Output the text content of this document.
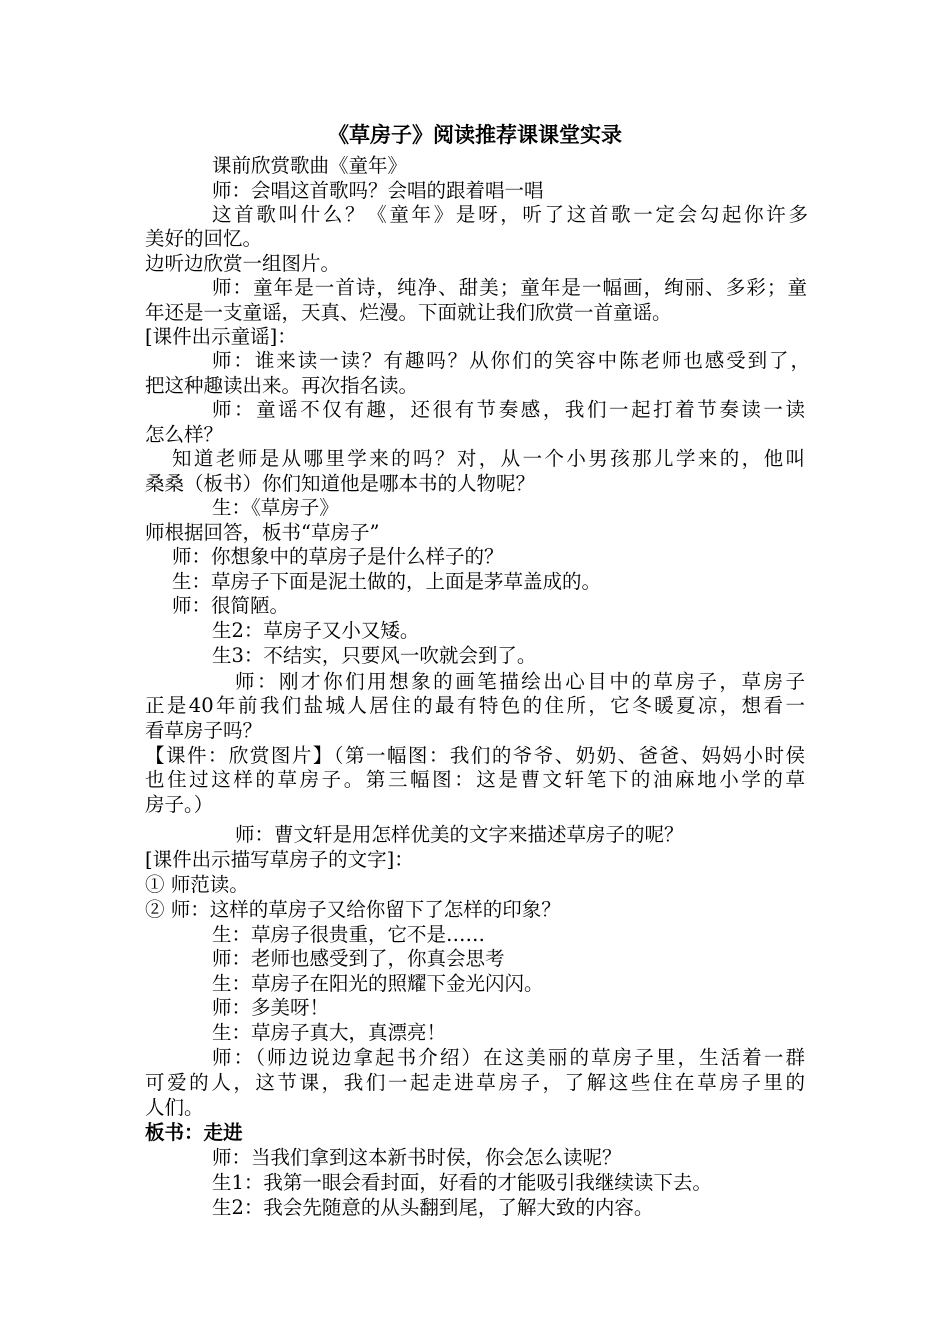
《草房子》阅读推荐课课堂实录
课前欣赏歌曲《童年》
师：会唱这首歌吗？会唱的跟着唱一唱
这首歌叫什么？《童年》是呀，听了这首歌一定会勾起你许多
美好的回忆。
边听边欣赏一组图片。
师：童年是一首诗，纯净、甜美；童年是一幅画，绚丽、多彩；童
年还是一支童谣，天真、烂漫。下面就让我们欣赏一首童谣。
[课件出示童谣]：
师：谁来读一读？有趣吗？从你们的笑容中陈老师也感受到了，
把这种趣读出来。再次指名读。
师：童谣不仅有趣，还很有节奏感，我们一起打着节奏读一读
怎么样？
知道老师是从哪里学来的吗？对，从一个小男孩那儿学来的，他叫
桑桑（板书）你们知道他是哪本书的人物呢？
生：《草房子》
师根据回答，板书“草房子”
师：你想象中的草房子是什么样子的？
生：草房子下面是泥土做的，上面是茅草盖成的。
师：很简陋。
生2：草房子又小又矮。
生3：不结实，只要风一吹就会到了。
师：刚才你们用想象的画笔描绘出心目中的草房子，草房子
正是40年前我们盐城人居住的最有特色的住所，它冬暖夏凉，想看一
看草房子吗？
【课件：欣赏图片】（第一幅图：我们的爷爷、奶奶、爸爸、妈妈小时侯
也住过这样的草房子。第三幅图：这是曹文轩笔下的油麻地小学的草
房子。）
师：曹文轩是用怎样优美的文字来描述草房子的呢？
[课件出示描写草房子的文字]：
① 师范读。
② 师：这样的草房子又给你留下了怎样的印象？
生：草房子很贵重，它不是……
师：老师也感受到了，你真会思考
生：草房子在阳光的照耀下金光闪闪。
师：多美呀！
生：草房子真大，真漂亮！
师：（师边说边拿起书介绍）在这美丽的草房子里，生活着一群
可爱的人，这节课，我们一起走进草房子，了解这些住在草房子里的
人们。
板书：走进
师：当我们拿到这本新书时侯，你会怎么读呢？
生1：我第一眼会看封面，好看的才能吸引我继续读下去。
生2：我会先随意的从头翻到尾，了解大致的内容。
